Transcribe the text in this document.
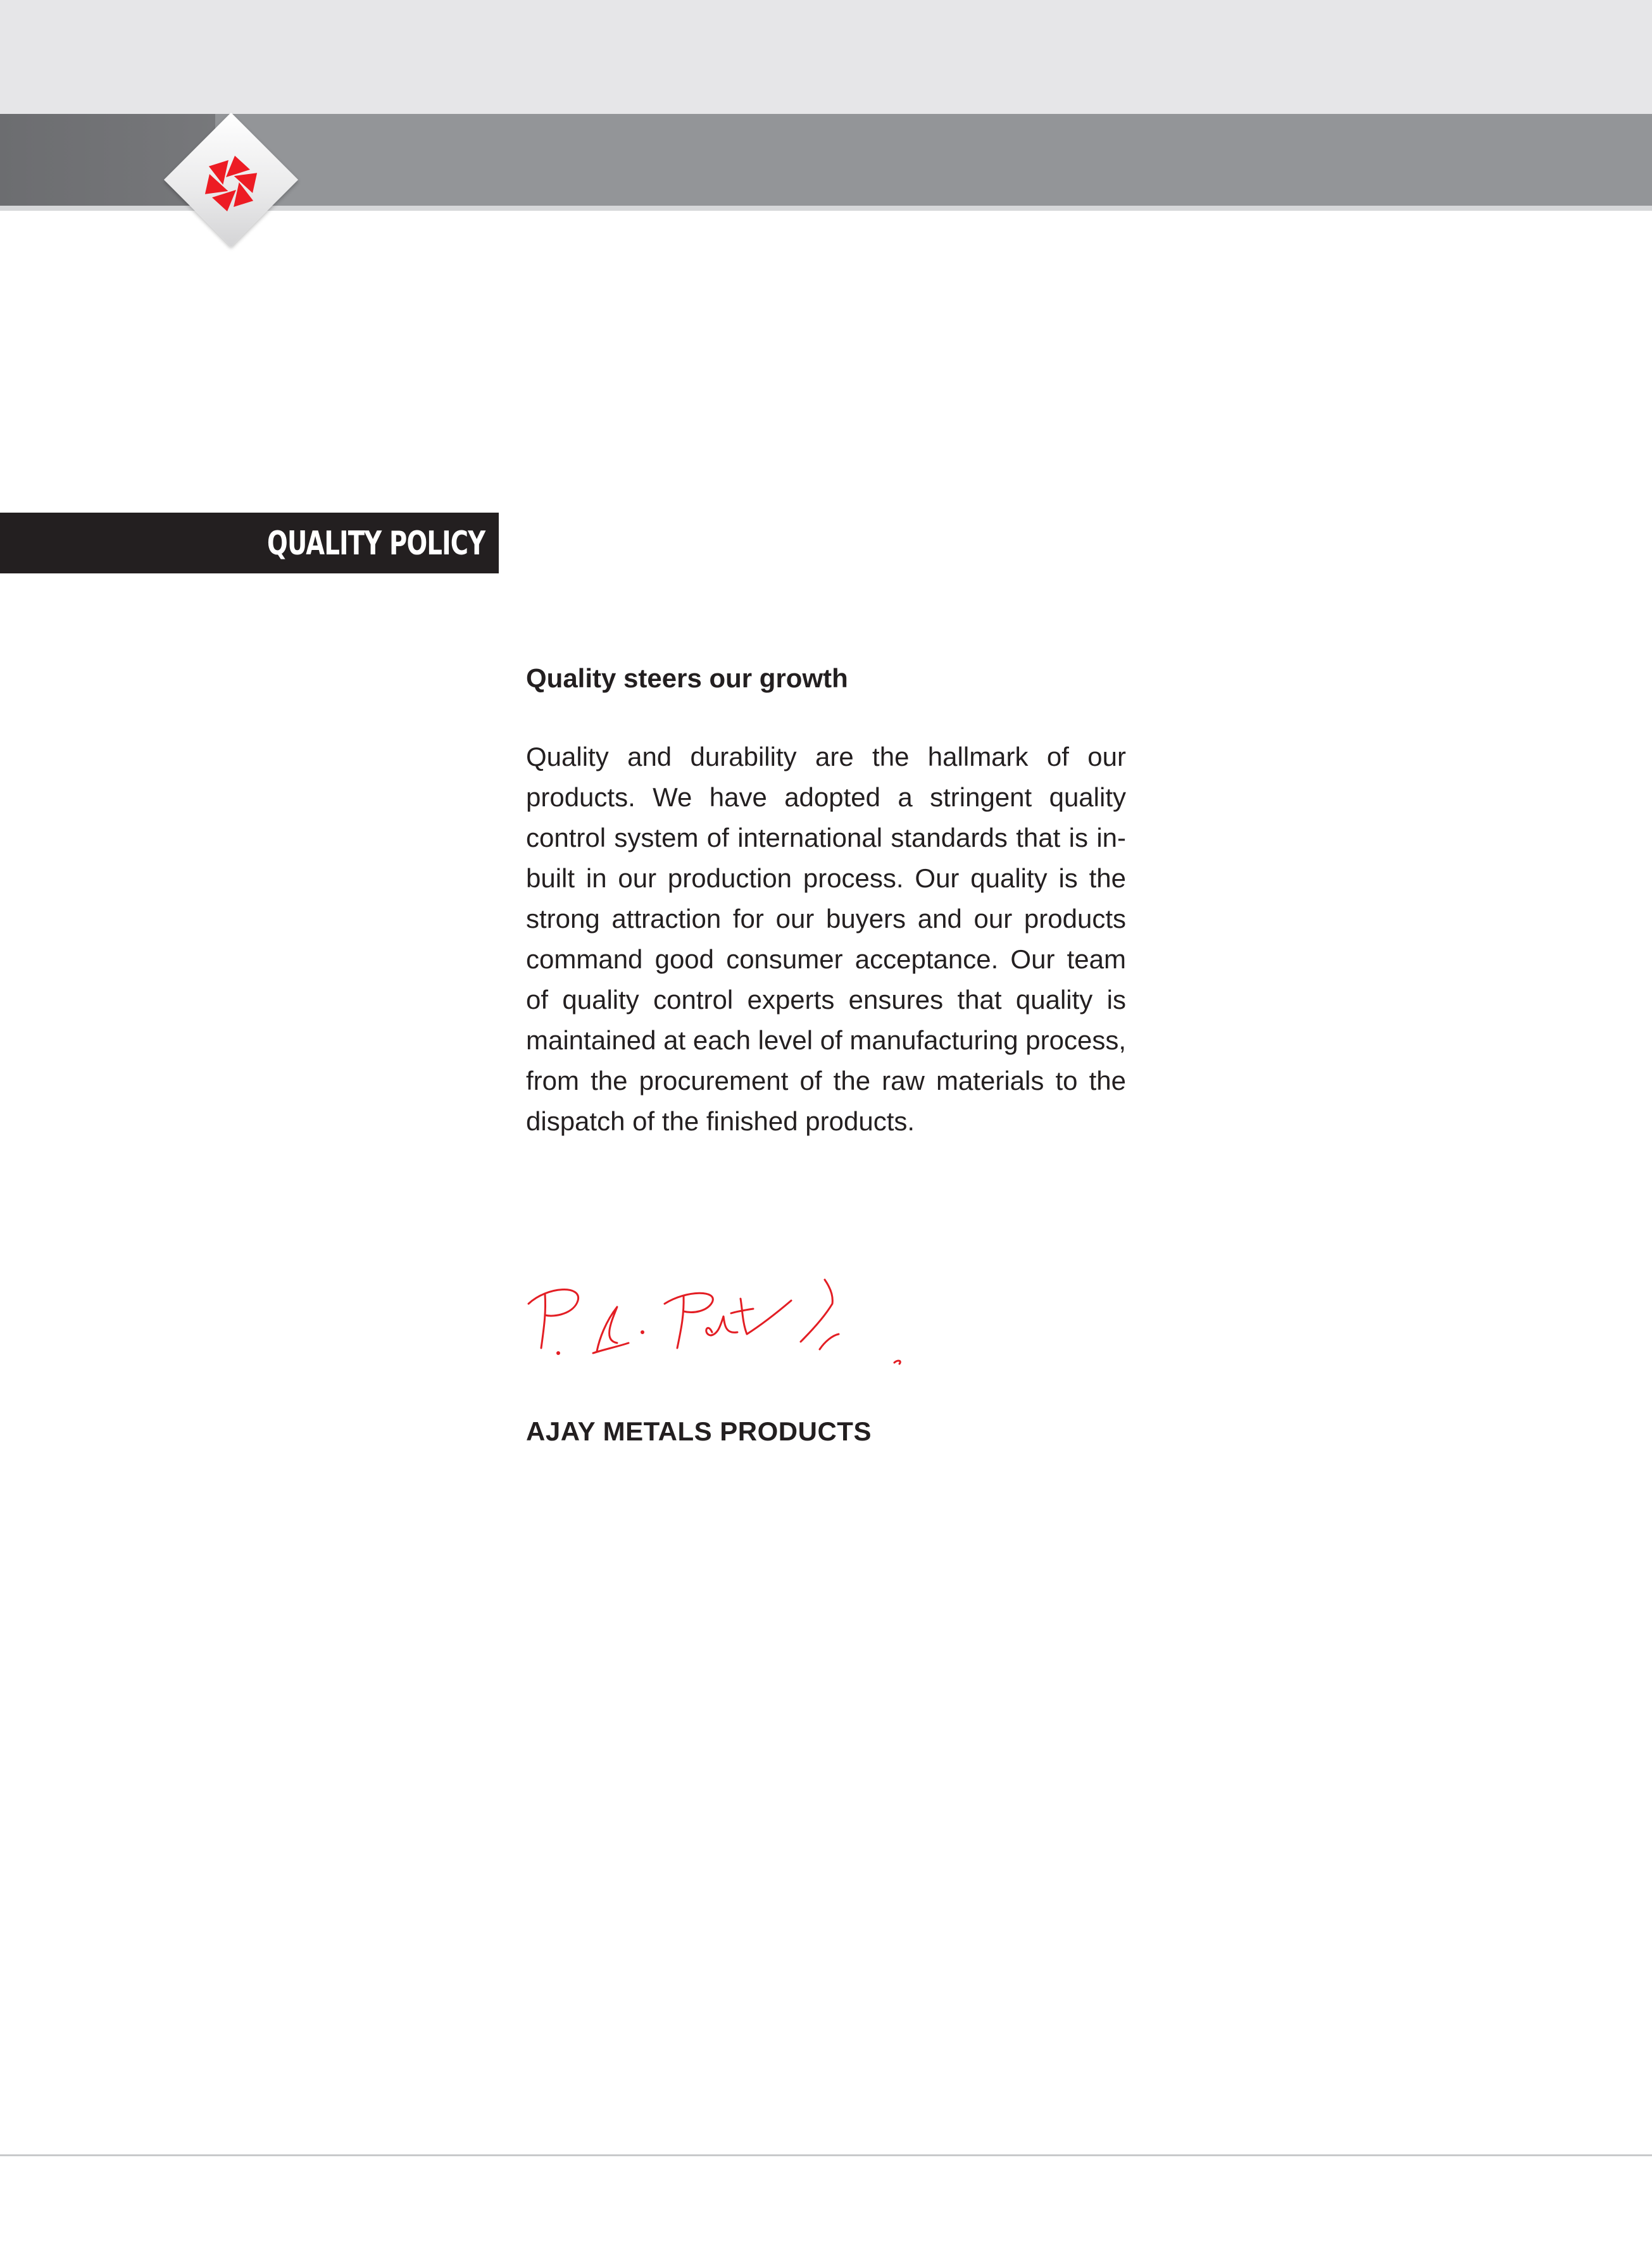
QUALITY POLICY

Quality steers our growth

Quality and durability are the hallmark of our products. We have adopted a stringent quality control system of international standards that is in-built in our production process. Our quality is the strong attraction for our buyers and our products command good consumer acceptance. Our team of quality control experts ensures that quality is maintained at each level of manufacturing process, from the procurement of the raw materials to the dispatch of the finished products.

AJAY METALS PRODUCTS
